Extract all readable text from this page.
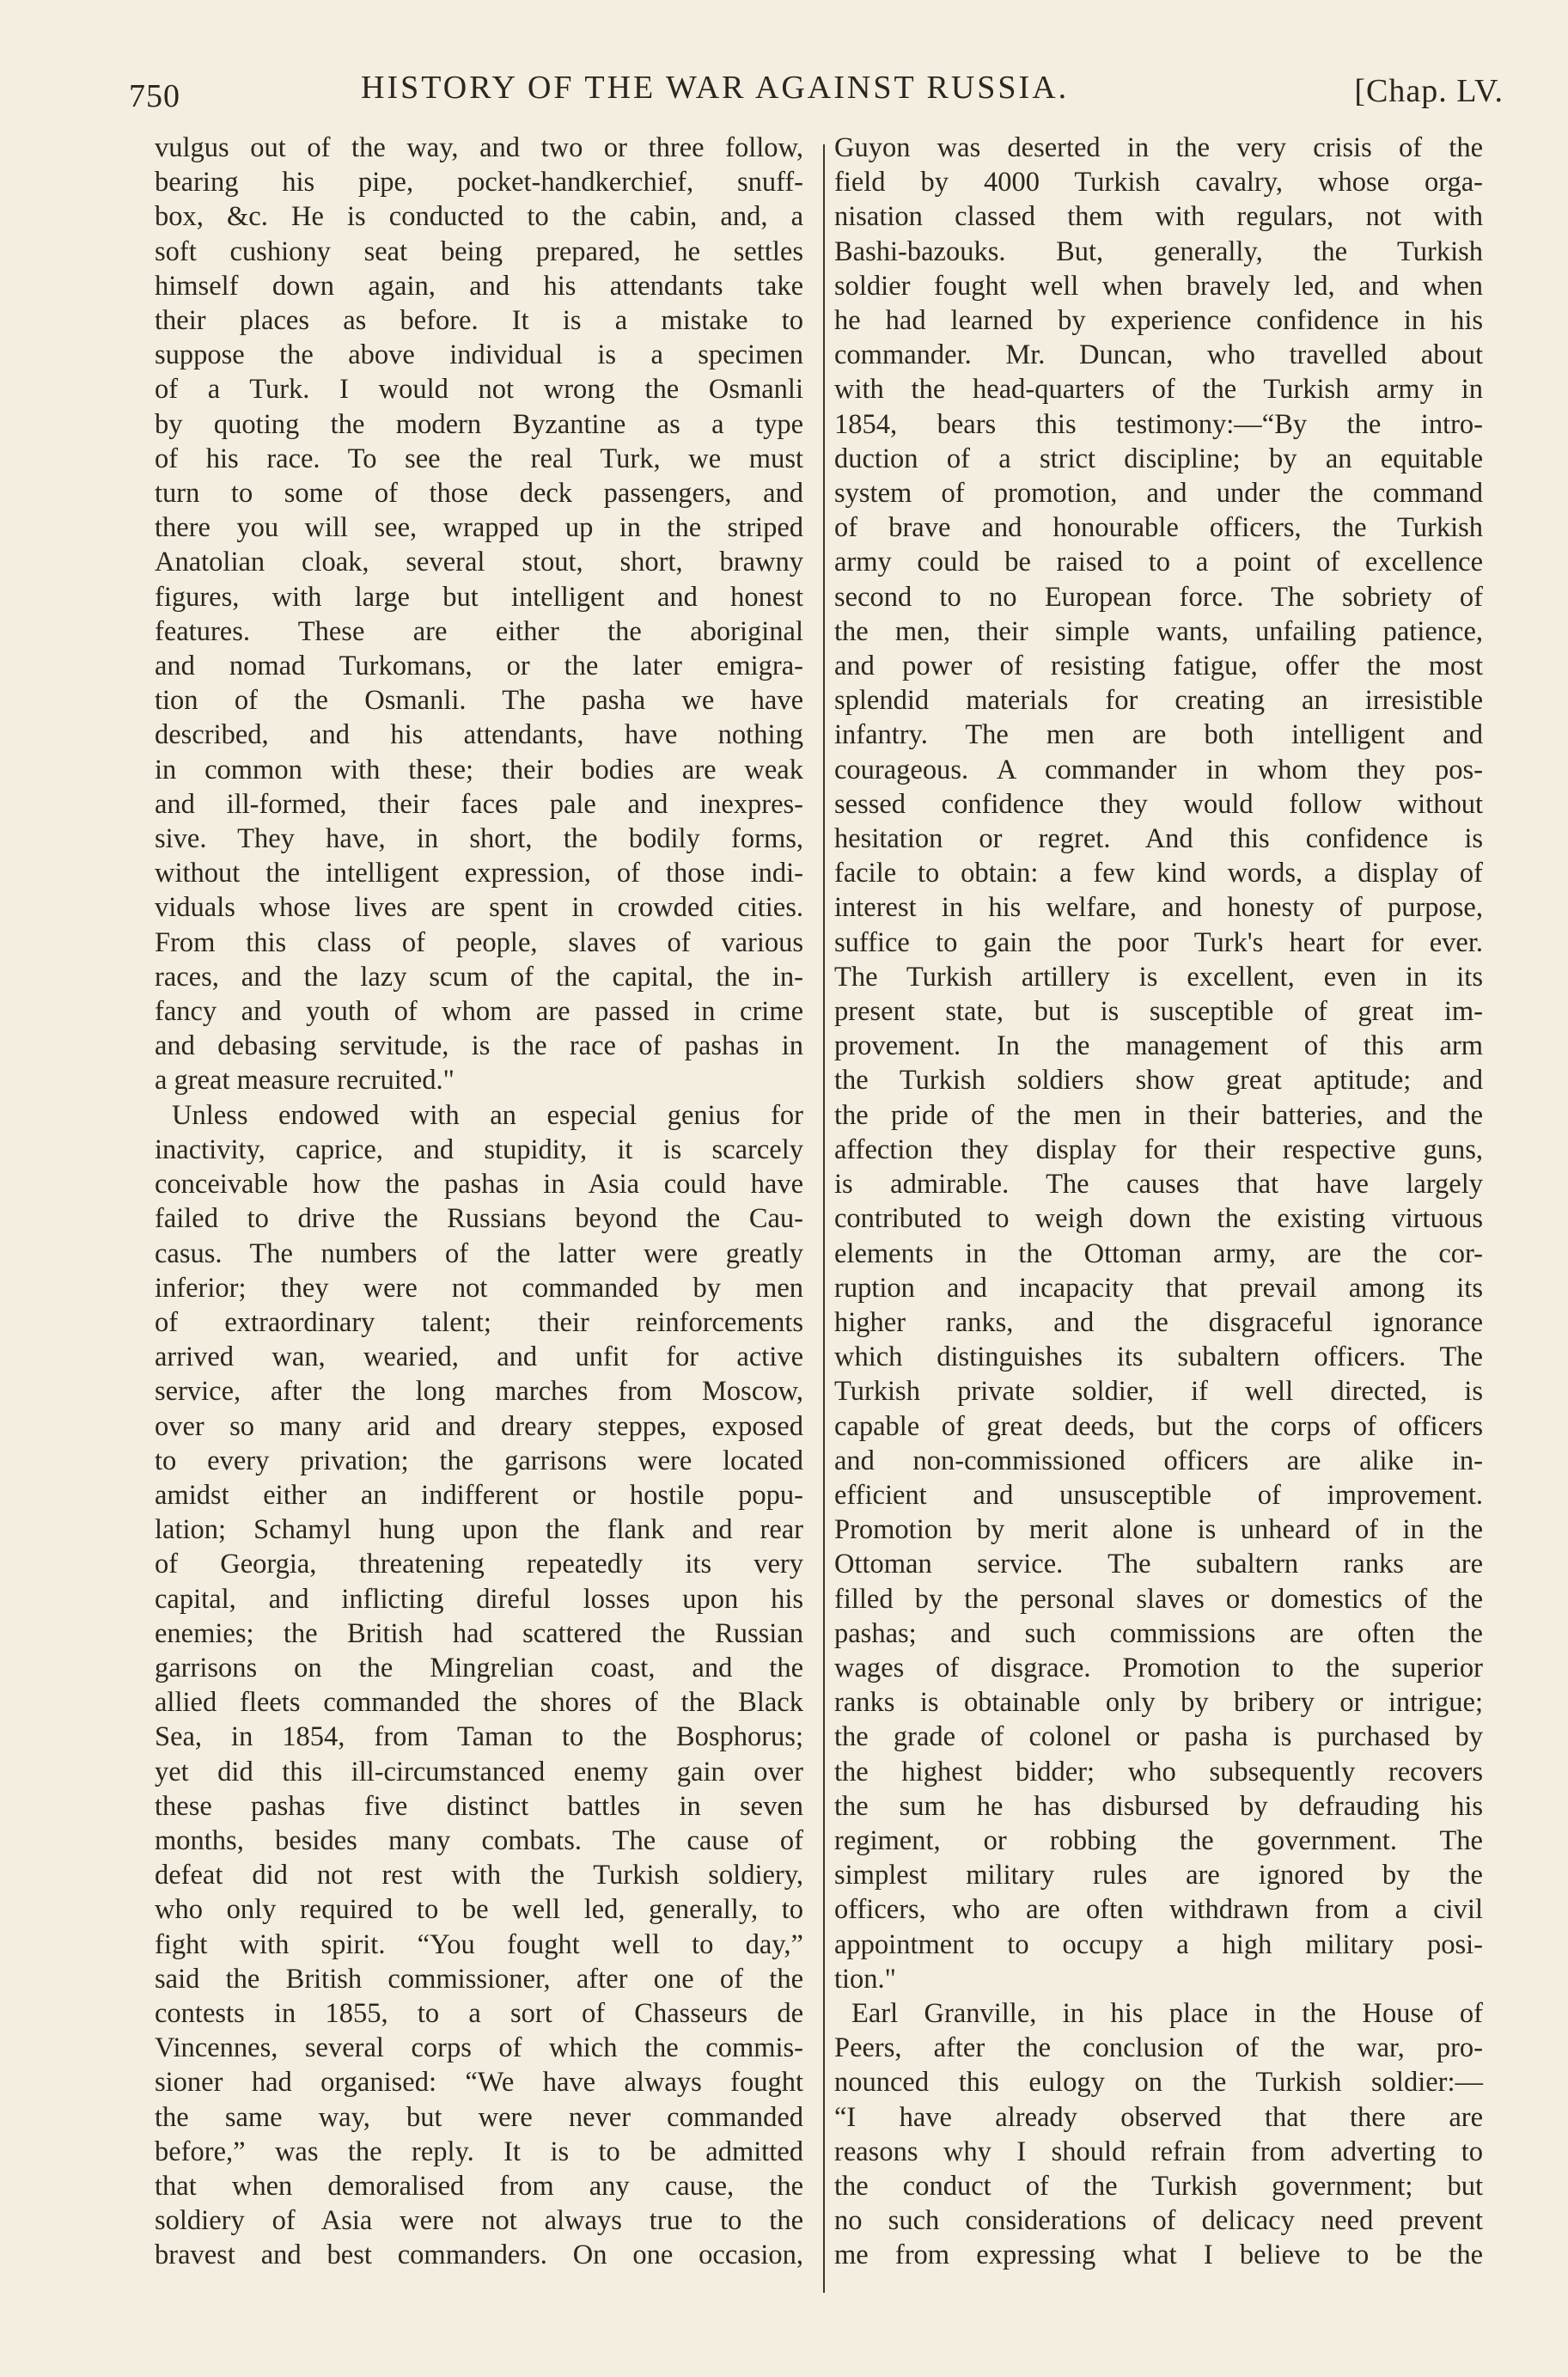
750	HISTORY OF THE WAR AGAINST RUSSIA.	[Chap. LV.
vulgus out of the way, and two or three follow,
bearing his pipe, pocket-handkerchief, snuff-
box, &c. He is conducted to the cabin, and, a
soft cushiony seat being prepared, he settles
himself down again, and his attendants take
their places as before. It is a mistake to
suppose the above individual is a specimen
of a Turk. I would not wrong the Osmanli
by quoting the modern Byzantine as a type
of his race. To see the real Turk, we must
turn to some of those deck passengers, and
there you will see, wrapped up in the striped
Anatolian cloak, several stout, short, brawny
figures, with large but intelligent and honest
features. These are either the aboriginal
and nomad Turkomans, or the later emigra-
tion of the Osmanli. The pasha we have
described, and his attendants, have nothing
in common with these; their bodies are weak
and ill-formed, their faces pale and inexpres-
sive. They have, in short, the bodily forms,
without the intelligent expression, of those indi-
viduals whose lives are spent in crowded cities.
From this class of people, slaves of various
races, and the lazy scum of the capital, the in-
fancy and youth of whom are passed in crime
and debasing servitude, is the race of pashas in
a great measure recruited."
Unless endowed with an especial genius for
inactivity, caprice, and stupidity, it is scarcely
conceivable how the pashas in Asia could have
failed to drive the Russians beyond the Cau-
casus. The numbers of the latter were greatly
inferior; they were not commanded by men
of extraordinary talent; their reinforcements
arrived wan, wearied, and unfit for active
service, after the long marches from Moscow,
over so many arid and dreary steppes, exposed
to every privation; the garrisons were located
amidst either an indifferent or hostile popu-
lation; Schamyl hung upon the flank and rear
of Georgia, threatening repeatedly its very
capital, and inflicting direful losses upon his
enemies; the British had scattered the Russian
garrisons on the Mingrelian coast, and the
allied fleets commanded the shores of the Black
Sea, in 1854, from Taman to the Bosphorus;
yet did this ill-circumstanced enemy gain over
these pashas five distinct battles in seven
months, besides many combats. The cause of
defeat did not rest with the Turkish soldiery,
who only required to be well led, generally, to
fight with spirit. “You fought well to day,”
said the British commissioner, after one of the
contests in 1855, to a sort of Chasseurs de
Vincennes, several corps of which the commis-
sioner had organised: “We have always fought
the same way, but were never commanded
before,” was the reply. It is to be admitted
that when demoralised from any cause, the
soldiery of Asia were not always true to the
bravest and best commanders. On one occasion,
Guyon was deserted in the very crisis of the
field by 4000 Turkish cavalry, whose orga-
nisation classed them with regulars, not with
Bashi-bazouks. But, generally, the Turkish
soldier fought well when bravely led, and when
he had learned by experience confidence in his
commander. Mr. Duncan, who travelled about
with the head-quarters of the Turkish army in
1854, bears this testimony:—“By the intro-
duction of a strict discipline; by an equitable
system of promotion, and under the command
of brave and honourable officers, the Turkish
army could be raised to a point of excellence
second to no European force. The sobriety of
the men, their simple wants, unfailing patience,
and power of resisting fatigue, offer the most
splendid materials for creating an irresistible
infantry. The men are both intelligent and
courageous. A commander in whom they pos-
sessed confidence they would follow without
hesitation or regret. And this confidence is
facile to obtain: a few kind words, a display of
interest in his welfare, and honesty of purpose,
suffice to gain the poor Turk's heart for ever.
The Turkish artillery is excellent, even in its
present state, but is susceptible of great im-
provement. In the management of this arm
the Turkish soldiers show great aptitude; and
the pride of the men in their batteries, and the
affection they display for their respective guns,
is admirable. The causes that have largely
contributed to weigh down the existing virtuous
elements in the Ottoman army, are the cor-
ruption and incapacity that prevail among its
higher ranks, and the disgraceful ignorance
which distinguishes its subaltern officers. The
Turkish private soldier, if well directed, is
capable of great deeds, but the corps of officers
and non-commissioned officers are alike in-
efficient and unsusceptible of improvement.
Promotion by merit alone is unheard of in the
Ottoman service. The subaltern ranks are
filled by the personal slaves or domestics of the
pashas; and such commissions are often the
wages of disgrace. Promotion to the superior
ranks is obtainable only by bribery or intrigue;
the grade of colonel or pasha is purchased by
the highest bidder; who subsequently recovers
the sum he has disbursed by defrauding his
regiment, or robbing the government. The
simplest military rules are ignored by the
officers, who are often withdrawn from a civil
appointment to occupy a high military posi-
tion."
Earl Granville, in his place in the House of
Peers, after the conclusion of the war, pro-
nounced this eulogy on the Turkish soldier:—
“I have already observed that there are
reasons why I should refrain from adverting to
the conduct of the Turkish government; but
no such considerations of delicacy need prevent
me from expressing what I believe to be the
